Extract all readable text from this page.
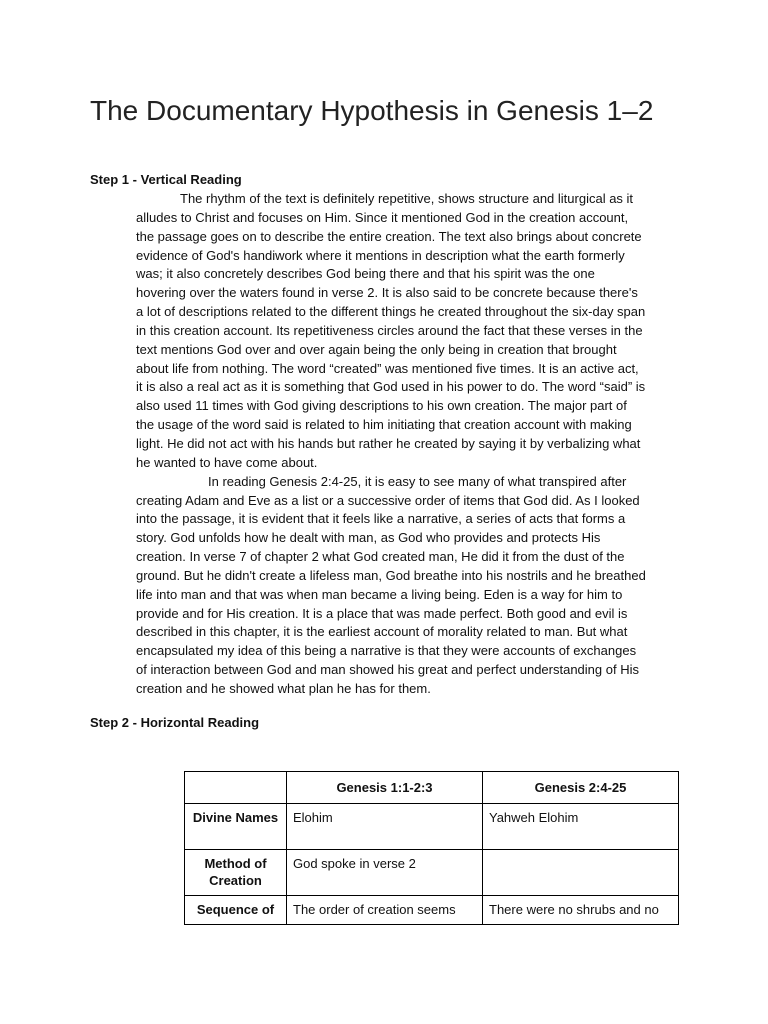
The Documentary Hypothesis in Genesis 1–2
Step 1 - Vertical Reading

The rhythm of the text is definitely repetitive, shows structure and liturgical as it
alludes to Christ and focuses on Him. Since it mentioned God in the creation account,
the passage goes on to describe the entire creation. The text also brings about concrete
evidence of God's handiwork where it mentions in description what the earth formerly
was; it also concretely describes God being there and that his spirit was the one
hovering over the waters found in verse 2. It is also said to be concrete because there's
a lot of descriptions related to the different things he created throughout the six-day span
in this creation account. Its repetitiveness circles around the fact that these verses in the
text mentions God over and over again being the only being in creation that brought
about life from nothing. The word “created” was mentioned five times. It is an active act,
it is also a real act as it is something that God used in his power to do. The word “said” is
also used 11 times with God giving descriptions to his own creation. The major part of
the usage of the word said is related to him initiating that creation account with making
light. He did not act with his hands but rather he created by saying it by verbalizing what
he wanted to have come about.

In reading Genesis 2:4-25, it is easy to see many of what transpired after
creating Adam and Eve as a list or a successive order of items that God did. As I looked
into the passage, it is evident that it feels like a narrative, a series of acts that forms a
story. God unfolds how he dealt with man, as God who provides and protects His
creation. In verse 7 of chapter 2 what God created man, He did it from the dust of the
ground. But he didn't create a lifeless man, God breathe into his nostrils and he breathed
life into man and that was when man became a living being. Eden is a way for him to
provide and for His creation. It is a place that was made perfect. Both good and evil is
described in this chapter, it is the earliest account of morality related to man. But what
encapsulated my idea of this being a narrative is that they were accounts of exchanges
of interaction between God and man showed his great and perfect understanding of His
creation and he showed what plan he has for them.

Step 2 - Horizontal Reading
	Genesis 1:1-2:3	Genesis 2:4-25
Divine Names	Elohim	Yahweh Elohim
Method of Creation	God spoke in verse 2	
Sequence of	The order of creation seems	There were no shrubs and no
